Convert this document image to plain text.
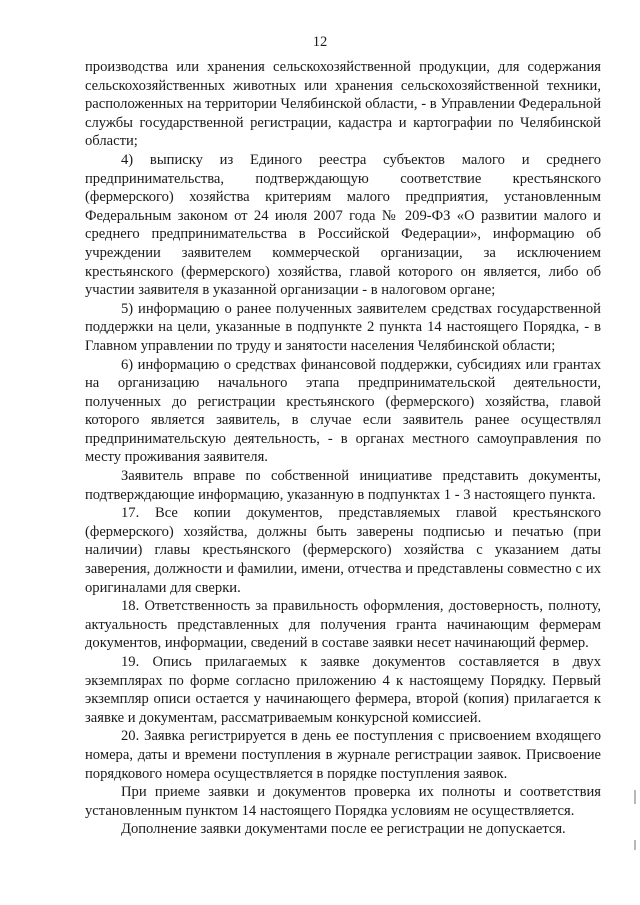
12

производства или хранения сельскохозяйственной продукции, для содержания сельскохозяйственных животных или хранения сельскохозяйственной техники, расположенных на территории Челябинской области, - в Управлении Федеральной службы государственной регистрации, кадастра и картографии по Челябинской области;

4) выписку из Единого реестра субъектов малого и среднего предпринимательства, подтверждающую соответствие крестьянского (фермерского) хозяйства критериям малого предприятия, установленным Федеральным законом от 24 июля 2007 года № 209-ФЗ «О развитии малого и среднего предпринимательства в Российской Федерации», информацию об учреждении заявителем коммерческой организации, за исключением крестьянского (фермерского) хозяйства, главой которого он является, либо об участии заявителя в указанной организации - в налоговом органе;

5) информацию о ранее полученных заявителем средствах государственной поддержки на цели, указанные в подпункте 2 пункта 14 настоящего Порядка, - в Главном управлении по труду и занятости населения Челябинской области;

6) информацию о средствах финансовой поддержки, субсидиях или грантах на организацию начального этапа предпринимательской деятельности, полученных до регистрации крестьянского (фермерского) хозяйства, главой которого является заявитель, в случае если заявитель ранее осуществлял предпринимательскую деятельность, - в органах местного самоуправления по месту проживания заявителя.

Заявитель вправе по собственной инициативе представить документы, подтверждающие информацию, указанную в подпунктах 1 - 3 настоящего пункта.

17. Все копии документов, представляемых главой крестьянского (фермерского) хозяйства, должны быть заверены подписью и печатью (при наличии) главы крестьянского (фермерского) хозяйства с указанием даты заверения, должности и фамилии, имени, отчества и представлены совместно с их оригиналами для сверки.

18. Ответственность за правильность оформления, достоверность, полноту, актуальность представленных для получения гранта начинающим фермерам документов, информации, сведений в составе заявки несет начинающий фермер.

19. Опись прилагаемых к заявке документов составляется в двух экземплярах по форме согласно приложению 4 к настоящему Порядку. Первый экземпляр описи остается у начинающего фермера, второй (копия) прилагается к заявке и документам, рассматриваемым конкурсной комиссией.

20. Заявка регистрируется в день ее поступления с присвоением входящего номера, даты и времени поступления в журнале регистрации заявок. Присвоение порядкового номера осуществляется в порядке поступления заявок.

При приеме заявки и документов проверка их полноты и соответствия установленным пунктом 14 настоящего Порядка условиям не осуществляется.

Дополнение заявки документами после ее регистрации не допускается.
